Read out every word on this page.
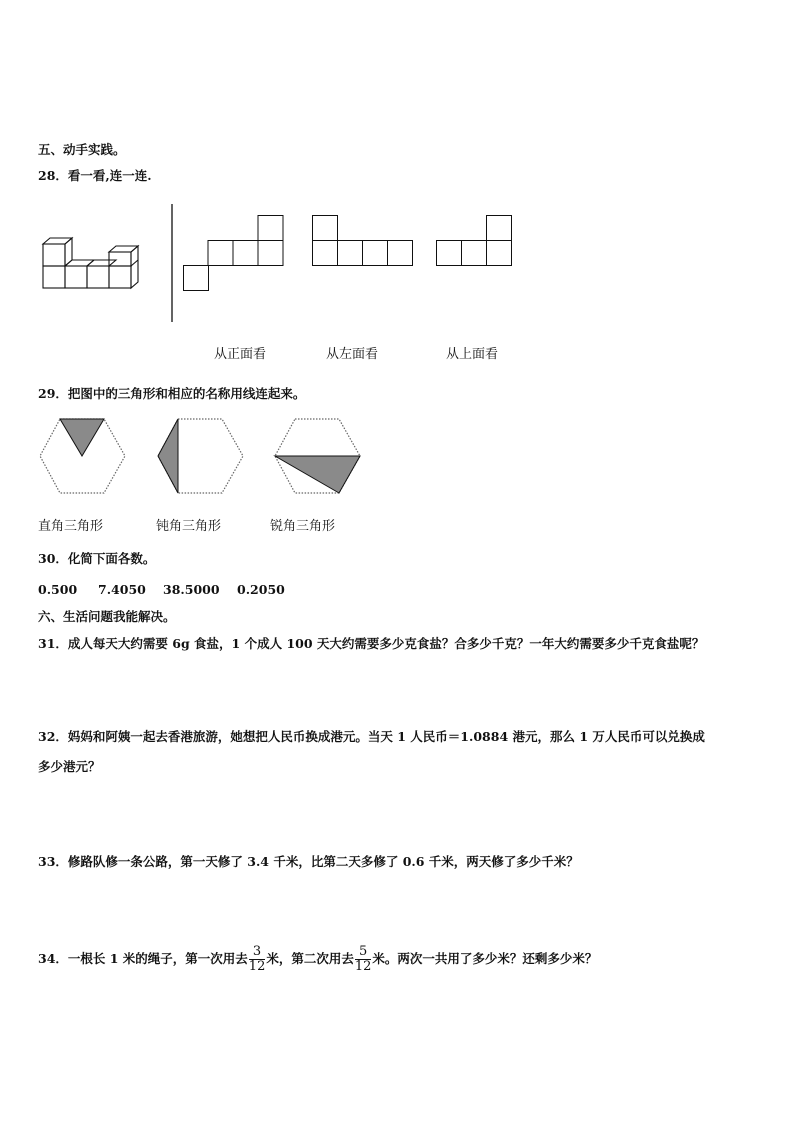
五、动手实践。
28．看一看,连一连.
从正面看	从左面看	从上面看
29．把图中的三角形和相应的名称用线连起来。
直角三角形	钝角三角形	锐角三角形
30．化简下面各数。
0.500 7.4050 38.5000 0.2050
六、生活问题我能解决。
31．成人每天大约需要 6g 食盐，1 个成人 100 天大约需要多少克食盐？合多少千克？一年大约需要多少千克食盐呢？
32．妈妈和阿姨一起去香港旅游，她想把人民币换成港元。当天 1 人民币＝1.0884 港元，那么 1 万人民币可以兑换成
多少港元？
33．修路队修一条公路，第一天修了 3.4 千米，比第二天多修了 0.6 千米，两天修了多少千米？
34．一根长 1 米的绳子，第一次用去 $\frac{3}{12}$ 米，第二次用去 $\frac{5}{12}$ 米。两次一共用了多少米？还剩多少米？
